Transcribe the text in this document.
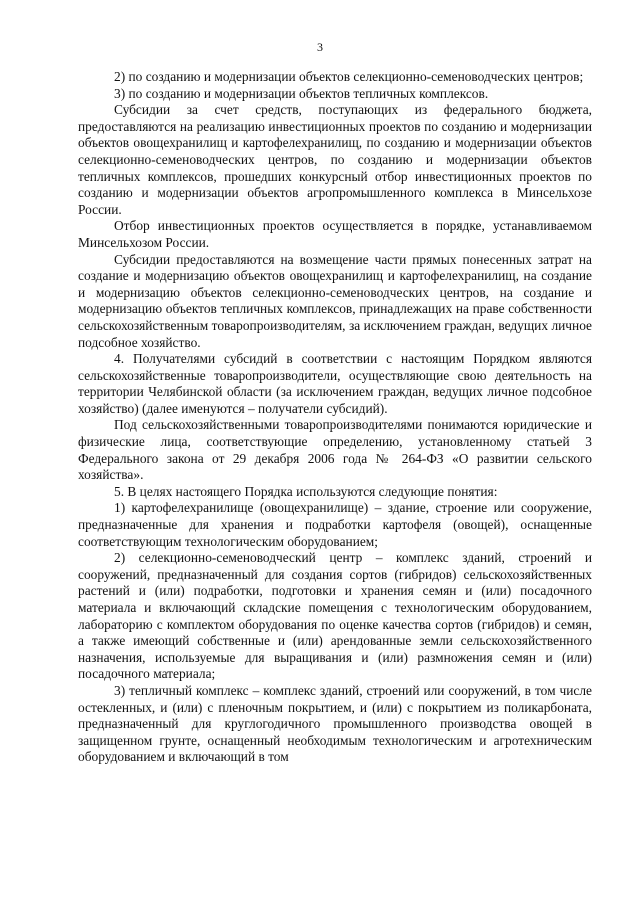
3

2) по созданию и модернизации объектов селекционно-семеноводческих центров;

3) по созданию и модернизации объектов тепличных комплексов.

Субсидии за счет средств, поступающих из федерального бюджета, предоставляются на реализацию инвестиционных проектов по созданию и модернизации объектов овощехранилищ и картофелехранилищ, по созданию и модернизации объектов селекционно-семеноводческих центров, по созданию и модернизации объектов тепличных комплексов, прошедших конкурсный отбор инвестиционных проектов по созданию и модернизации объектов агропромышленного комплекса в Минсельхозе России.

Отбор инвестиционных проектов осуществляется в порядке, устанавливаемом Минсельхозом России.

Субсидии предоставляются на возмещение части прямых понесенных затрат на создание и модернизацию объектов овощехранилищ и картофелехранилищ, на создание и модернизацию объектов селекционно-семеноводческих центров, на создание и модернизацию объектов тепличных комплексов, принадлежащих на праве собственности сельскохозяйственным товаропроизводителям, за исключением граждан, ведущих личное подсобное хозяйство.

4. Получателями субсидий в соответствии с настоящим Порядком являются сельскохозяйственные товаропроизводители, осуществляющие свою деятельность на территории Челябинской области (за исключением граждан, ведущих личное подсобное хозяйство) (далее именуются – получатели субсидий).

Под сельскохозяйственными товаропроизводителями понимаются юридические и физические лица, соответствующие определению, установленному статьей 3 Федерального закона от 29 декабря 2006 года № 264-ФЗ «О развитии сельского хозяйства».

5. В целях настоящего Порядка используются следующие понятия:

1) картофелехранилище (овощехранилище) – здание, строение или сооружение, предназначенные для хранения и подработки картофеля (овощей), оснащенные соответствующим технологическим оборудованием;

2) селекционно-семеноводческий центр – комплекс зданий, строений и сооружений, предназначенный для создания сортов (гибридов) сельскохозяйственных растений и (или) подработки, подготовки и хранения семян и (или) посадочного материала и включающий складские помещения с технологическим оборудованием, лабораторию с комплектом оборудования по оценке качества сортов (гибридов) и семян, а также имеющий собственные и (или) арендованные земли сельскохозяйственного назначения, используемые для выращивания и (или) размножения семян и (или) посадочного материала;

3) тепличный комплекс – комплекс зданий, строений или сооружений, в том числе остекленных, и (или) с пленочным покрытием, и (или) с покрытием из поликарбоната, предназначенный для круглогодичного промышленного производства овощей в защищенном грунте, оснащенный необходимым технологическим и агротехническим оборудованием и включающий в том
